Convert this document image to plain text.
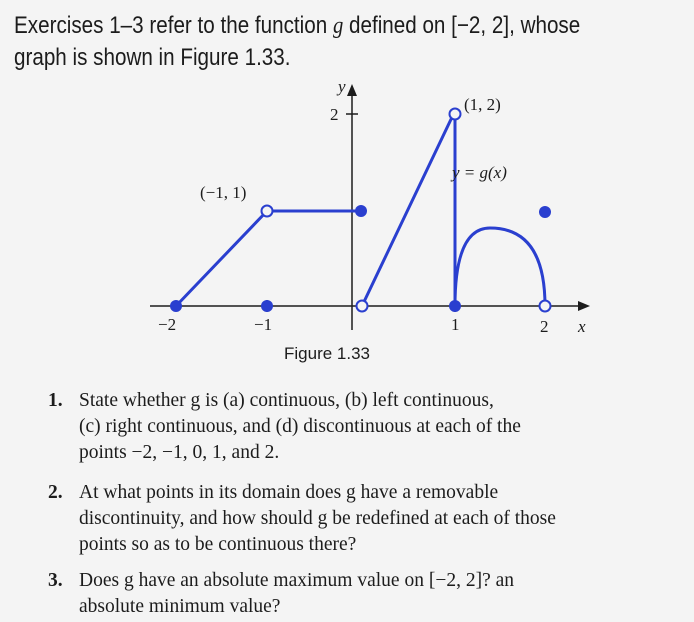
Exercises 1–3 refer to the function g defined on [−2, 2], whose
graph is shown in Figure 1.33.
y
2
x
−2	−1	1	2
(1, 2)
(−1, 1)
y = g(x)
Figure 1.33
1. State whether g is (a) continuous, (b) left continuous,
(c) right continuous, and (d) discontinuous at each of the
points −2, −1, 0, 1, and 2.
2. At what points in its domain does g have a removable
discontinuity, and how should g be redefined at each of those
points so as to be continuous there?
3. Does g have an absolute maximum value on [−2, 2]? an
absolute minimum value?
